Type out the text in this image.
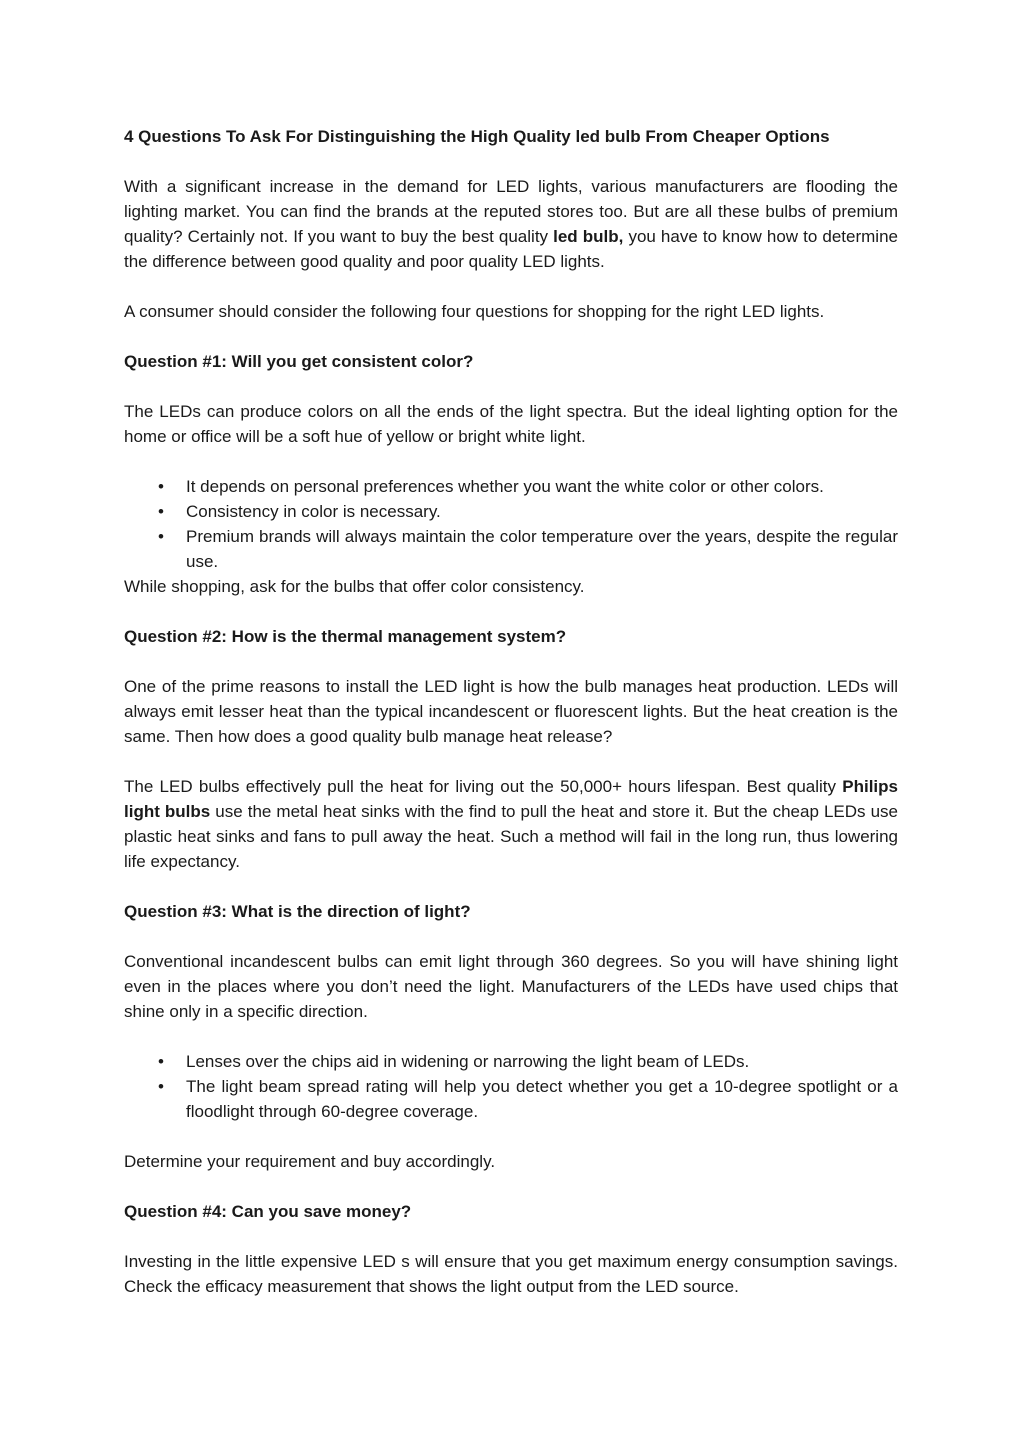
4 Questions To Ask For Distinguishing the High Quality led bulb From Cheaper Options

With a significant increase in the demand for LED lights, various manufacturers are flooding the lighting market. You can find the brands at the reputed stores too. But are all these bulbs of premium quality? Certainly not. If you want to buy the best quality led bulb, you have to know how to determine the difference between good quality and poor quality LED lights.

A consumer should consider the following four questions for shopping for the right LED lights.

Question #1: Will you get consistent color?

The LEDs can produce colors on all the ends of the light spectra. But the ideal lighting option for the home or office will be a soft hue of yellow or bright white light.

• It depends on personal preferences whether you want the white color or other colors.
• Consistency in color is necessary.
• Premium brands will always maintain the color temperature over the years, despite the regular use.

While shopping, ask for the bulbs that offer color consistency.

Question #2: How is the thermal management system?

One of the prime reasons to install the LED light is how the bulb manages heat production. LEDs will always emit lesser heat than the typical incandescent or fluorescent lights. But the heat creation is the same. Then how does a good quality bulb manage heat release?

The LED bulbs effectively pull the heat for living out the 50,000+ hours lifespan. Best quality Philips light bulbs use the metal heat sinks with the find to pull the heat and store it. But the cheap LEDs use plastic heat sinks and fans to pull away the heat. Such a method will fail in the long run, thus lowering life expectancy.

Question #3: What is the direction of light?

Conventional incandescent bulbs can emit light through 360 degrees. So you will have shining light even in the places where you don’t need the light. Manufacturers of the LEDs have used chips that shine only in a specific direction.

• Lenses over the chips aid in widening or narrowing the light beam of LEDs.
• The light beam spread rating will help you detect whether you get a 10-degree spotlight or a floodlight through 60-degree coverage.

Determine your requirement and buy accordingly.

Question #4: Can you save money?

Investing in the little expensive LED s will ensure that you get maximum energy consumption savings. Check the efficacy measurement that shows the light output from the LED source.
